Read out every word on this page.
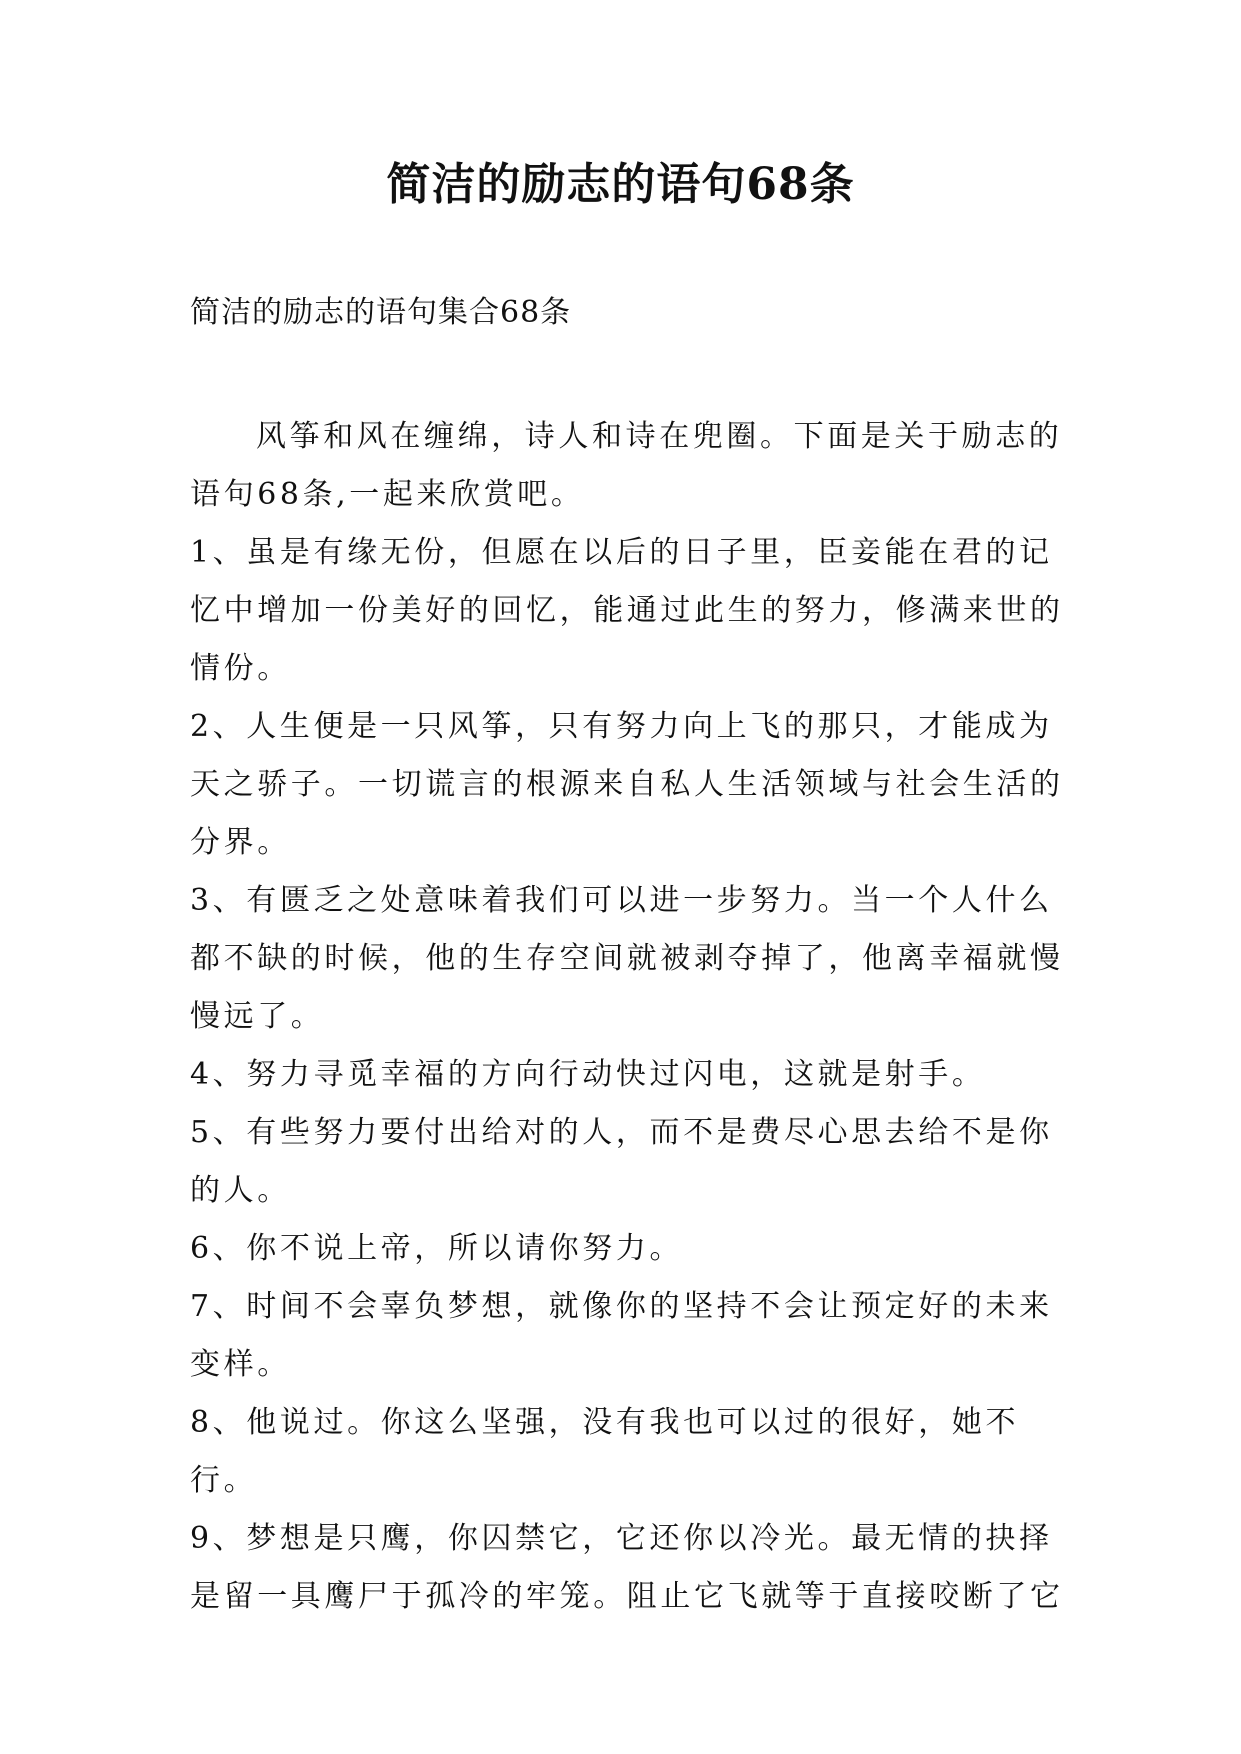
简洁的励志的语句68条

简洁的励志的语句集合68条

风筝和风在缠绵，诗人和诗在兜圈。下面是关于励志的语句68条,一起来欣赏吧。

1、虽是有缘无份，但愿在以后的日子里，臣妾能在君的记忆中增加一份美好的回忆，能通过此生的努力，修满来世的情份。

2、人生便是一只风筝，只有努力向上飞的那只，才能成为天之骄子。一切谎言的根源来自私人生活领域与社会生活的分界。

3、有匮乏之处意味着我们可以进一步努力。当一个人什么都不缺的时候，他的生存空间就被剥夺掉了，他离幸福就慢慢远了。

4、努力寻觅幸福的方向行动快过闪电，这就是射手。

5、有些努力要付出给对的人，而不是费尽心思去给不是你的人。

6、你不说上帝，所以请你努力。

7、时间不会辜负梦想，就像你的坚持不会让预定好的未来变样。

8、他说过。你这么坚强，没有我也可以过的很好，她不行。

9、梦想是只鹰，你囚禁它，它还你以冷光。最无情的抉择是留一具鹰尸于孤冷的牢笼。阻止它飞就等于直接咬断了它
